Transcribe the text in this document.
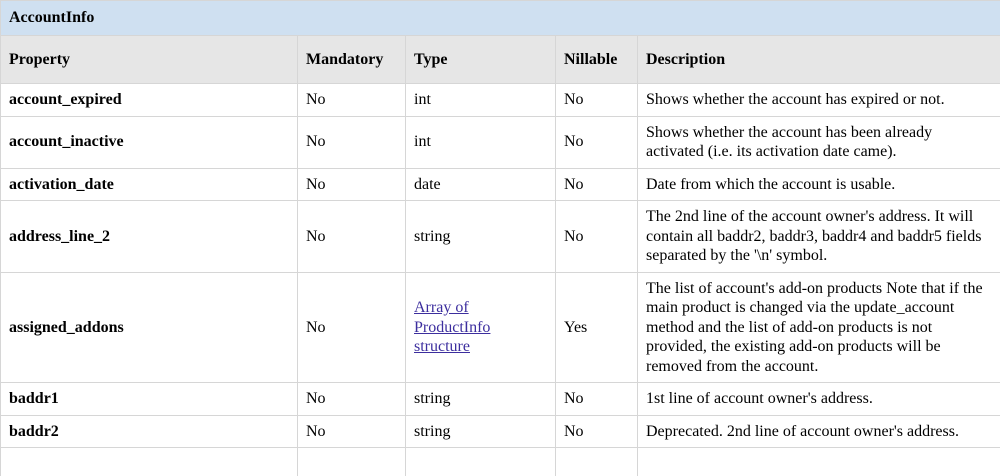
AccountInfo				
Property	Mandatory	Type	Nillable	Description
account_expired	No	int	No	Shows whether the account has expired or not.
account_inactive	No	int	No	Shows whether the account has been already activated (i.e. its activation date came).
activation_date	No	date	No	Date from which the account is usable.
address_line_2	No	string	No	The 2nd line of the account owner's address. It will contain all baddr2, baddr3, baddr4 and baddr5 fields separated by the '\n' symbol.
assigned_addons	No	Array of ProductInfo structure	Yes	The list of account's add-on products Note that if the main product is changed via the update_account method and the list of add-on products is not provided, the existing add-on products will be removed from the account.
baddr1	No	string	No	1st line of account owner's address.
baddr2	No	string	No	Deprecated. 2nd line of account owner's address.
